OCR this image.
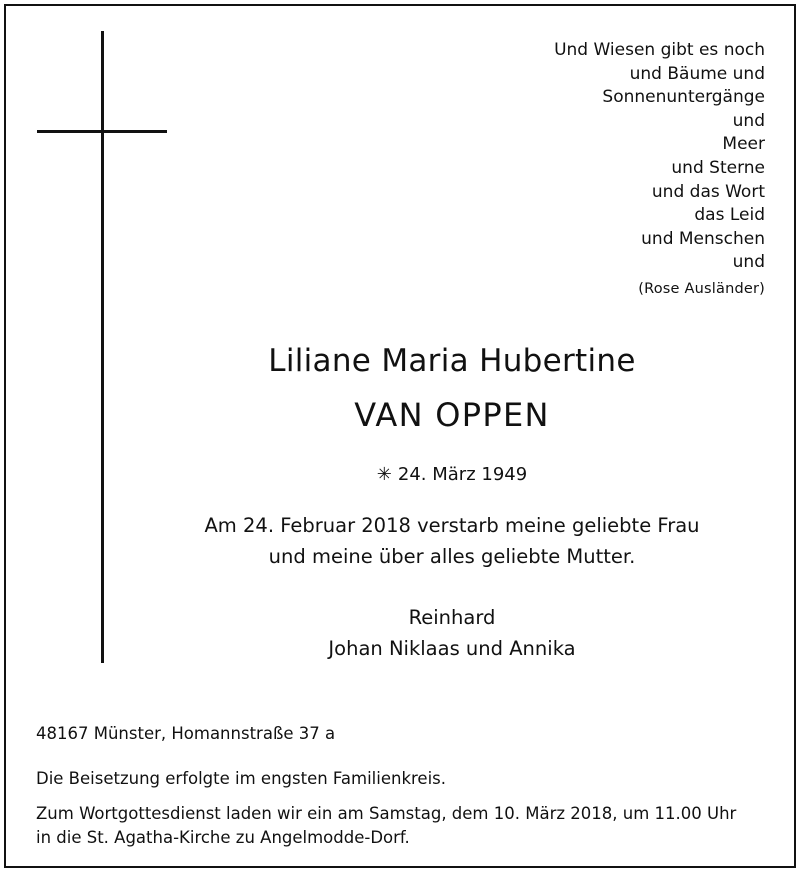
Und Wiesen gibt es noch
und Bäume und
Sonnenuntergänge
und
Meer
und Sterne
und das Wort
das Leid
und Menschen
und
(Rose Ausländer)
Liliane Maria Hubertine
VAN OPPEN
✳ 24. März 1949
Am 24. Februar 2018 verstarb meine geliebte Frau
und meine über alles geliebte Mutter.
Reinhard
Johan Niklaas und Annika
48167 Münster, Homannstraße 37 a
Die Beisetzung erfolgte im engsten Familienkreis.
Zum Wortgottesdienst laden wir ein am Samstag, dem 10. März 2018, um 11.00 Uhr
in die St. Agatha-Kirche zu Angelmodde-Dorf.
